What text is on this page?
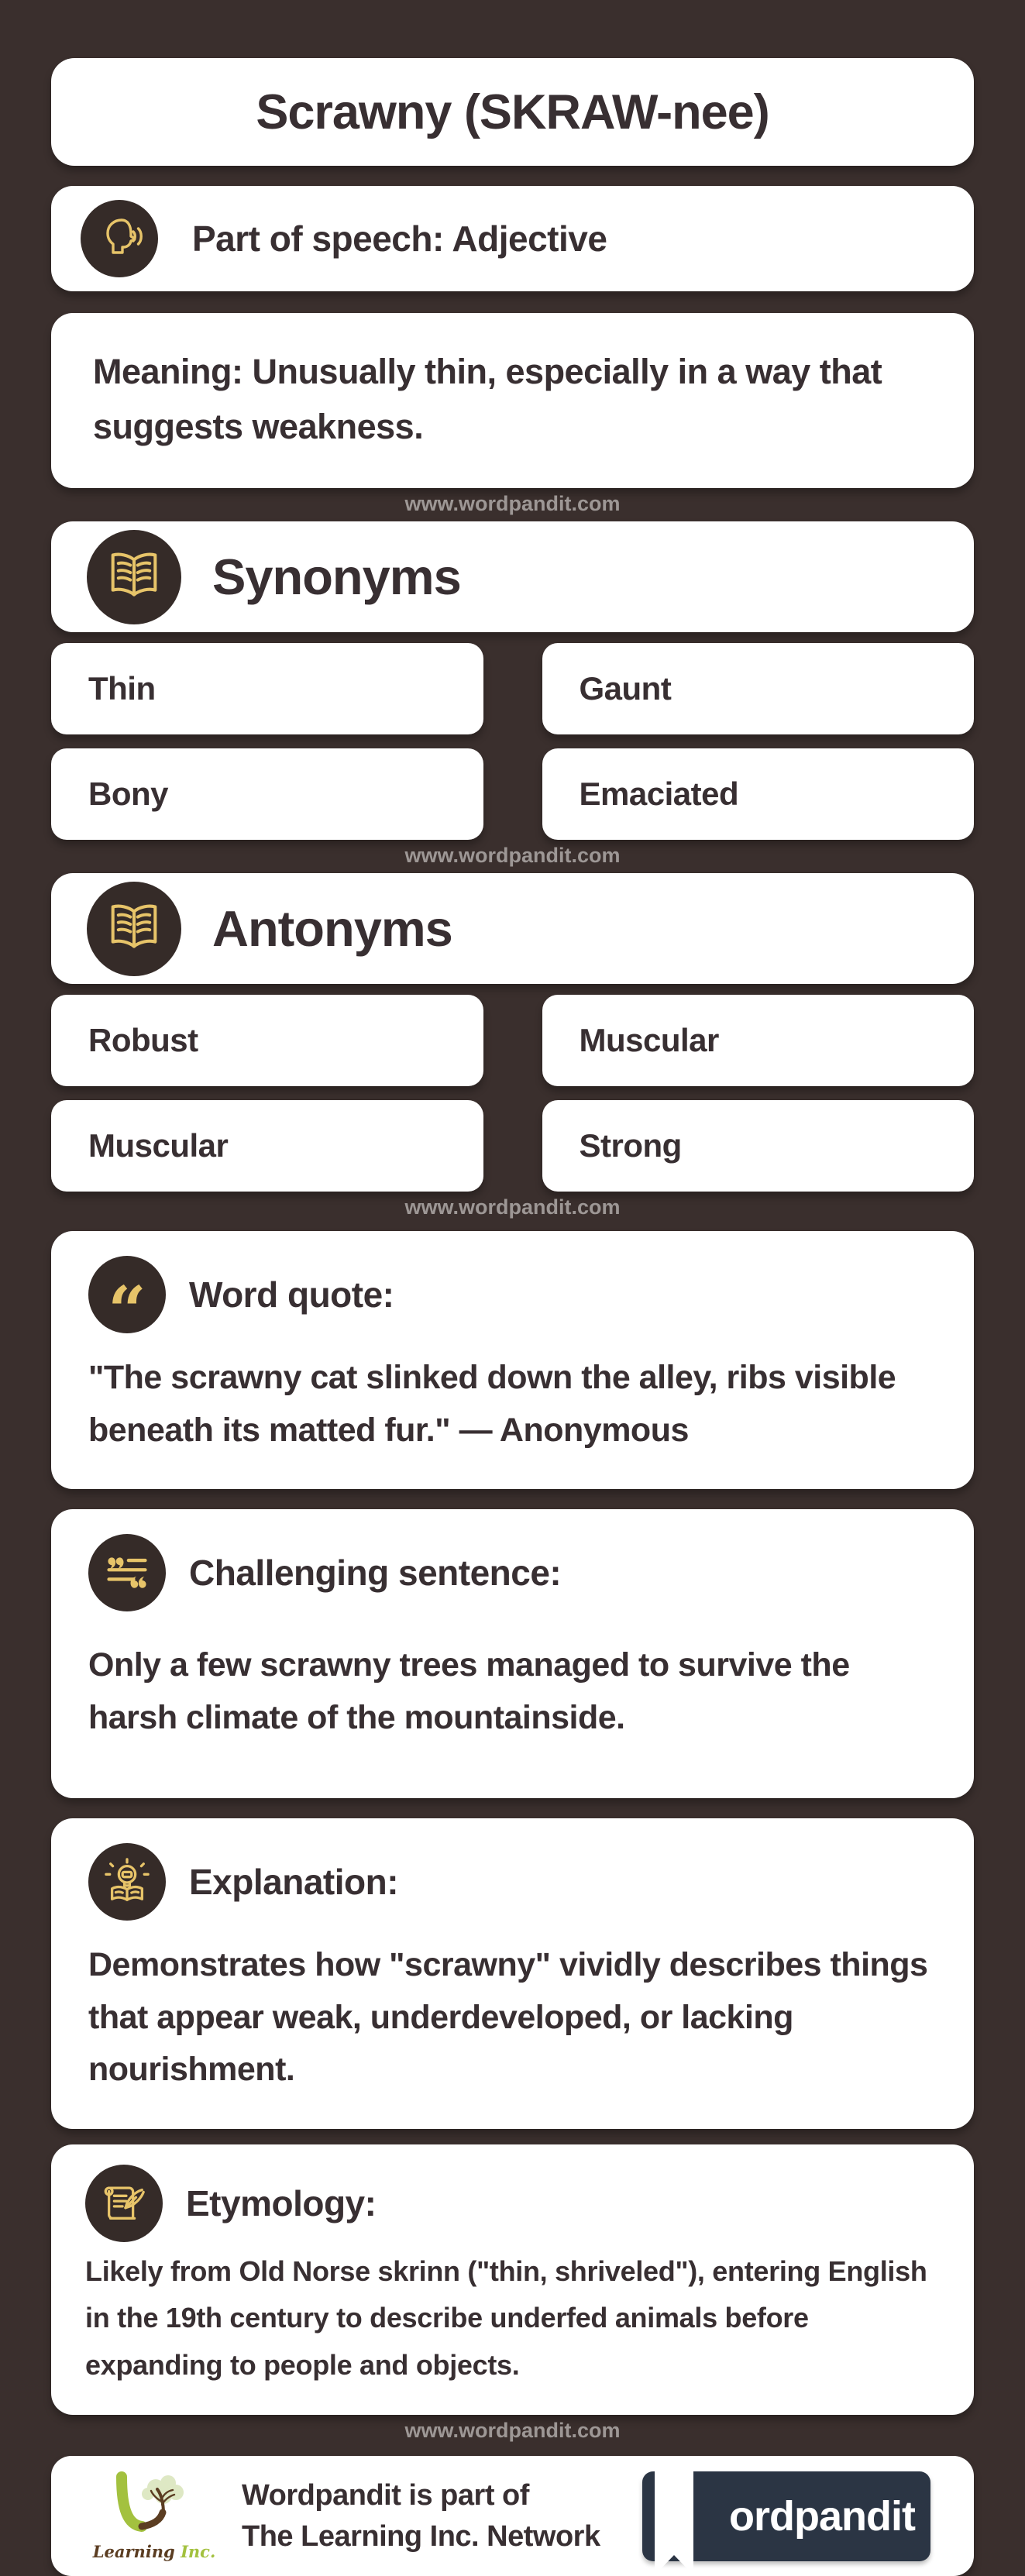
Scrawny (SKRAW-nee)
Part of speech: Adjective
Meaning: Unusually thin, especially in a way that suggests weakness.
www.wordpandit.com
Synonyms
Thin	Gaunt
Bony	Emaciated
www.wordpandit.com
Antonyms
Robust	Muscular
Muscular	Strong
www.wordpandit.com
“ Word quote:
"The scrawny cat slinked down the alley, ribs visible beneath its matted fur." — Anonymous
Challenging sentence:
Only a few scrawny trees managed to survive the harsh climate of the mountainside.
Explanation:
Demonstrates how "scrawny" vividly describes things that appear weak, underdeveloped, or lacking nourishment.
Etymology:
Likely from Old Norse skrinn ("thin, shriveled"), entering English in the 19th century to describe underfed animals before expanding to people and objects.
www.wordpandit.com
Learning Inc.
Wordpandit is part of
The Learning Inc. Network	ordpandit
